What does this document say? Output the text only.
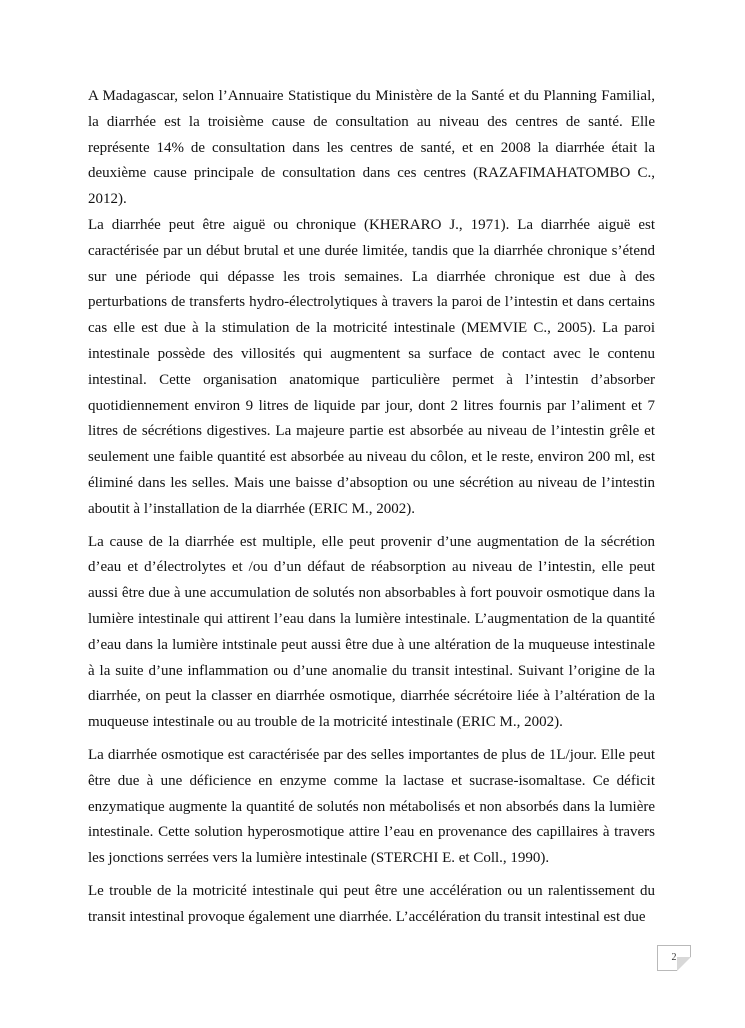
A Madagascar, selon l’Annuaire Statistique du Ministère de la Santé et du Planning Familial, la diarrhée est la troisième cause de consultation au niveau des centres de santé. Elle représente 14% de consultation dans les centres de santé, et en 2008 la diarrhée était la deuxième cause principale de consultation dans ces centres (RAZAFIMAHATOMBO C., 2012).

La diarrhée peut être aiguë ou chronique (KHERARO J., 1971). La diarrhée aiguë est caractérisée par un début brutal et une durée limitée, tandis que la diarrhée chronique s’étend sur une période qui dépasse les trois semaines. La diarrhée chronique est due à des perturbations de transferts hydro-électrolytiques à travers la paroi de l’intestin et dans certains cas elle est due à la stimulation de la motricité intestinale (MEMVIE C., 2005). La paroi intestinale possède des villosités qui augmentent sa surface de contact avec le contenu intestinal. Cette organisation anatomique particulière permet à l’intestin d’absorber quotidiennement environ 9 litres de liquide par jour, dont 2 litres fournis par l’aliment et 7 litres de sécrétions digestives. La majeure partie est absorbée au niveau de l’intestin grêle et seulement une faible quantité est absorbée au niveau du côlon, et le reste, environ 200 ml, est éliminé dans les selles. Mais une baisse d’absoption ou une sécrétion au niveau de l’intestin aboutit à l’installation de la diarrhée (ERIC M., 2002).

La cause de la diarrhée est multiple, elle peut provenir d’une augmentation de la sécrétion d’eau et d’électrolytes et /ou d’un défaut de réabsorption au niveau de l’intestin, elle peut aussi être due à une accumulation de solutés non absorbables à fort pouvoir osmotique dans la lumière intestinale qui attirent l’eau dans la lumière intestinale. L’augmentation de la quantité d’eau dans la lumière intstinale peut aussi être due à une altération de la muqueuse intestinale à la suite d’une inflammation ou d’une anomalie du transit intestinal. Suivant l’origine de la diarrhée, on peut la classer en diarrhée osmotique, diarrhée sécrétoire liée à l’altération de la muqueuse intestinale ou au trouble de la motricité intestinale (ERIC M., 2002).

La diarrhée osmotique est caractérisée par des selles importantes de plus de 1L/jour. Elle peut être due à une déficience en enzyme comme la lactase et sucrase-isomaltase. Ce déficit enzymatique augmente la quantité de solutés non métabolisés et non absorbés dans la lumière intestinale. Cette solution hyperosmotique attire l’eau en provenance des capillaires à travers les jonctions serrées vers la lumière intestinale (STERCHI E. et Coll., 1990).

Le trouble de la motricité intestinale qui peut être une accélération ou un ralentissement du transit intestinal provoque également une diarrhée. L’accélération du transit intestinal est due

2
